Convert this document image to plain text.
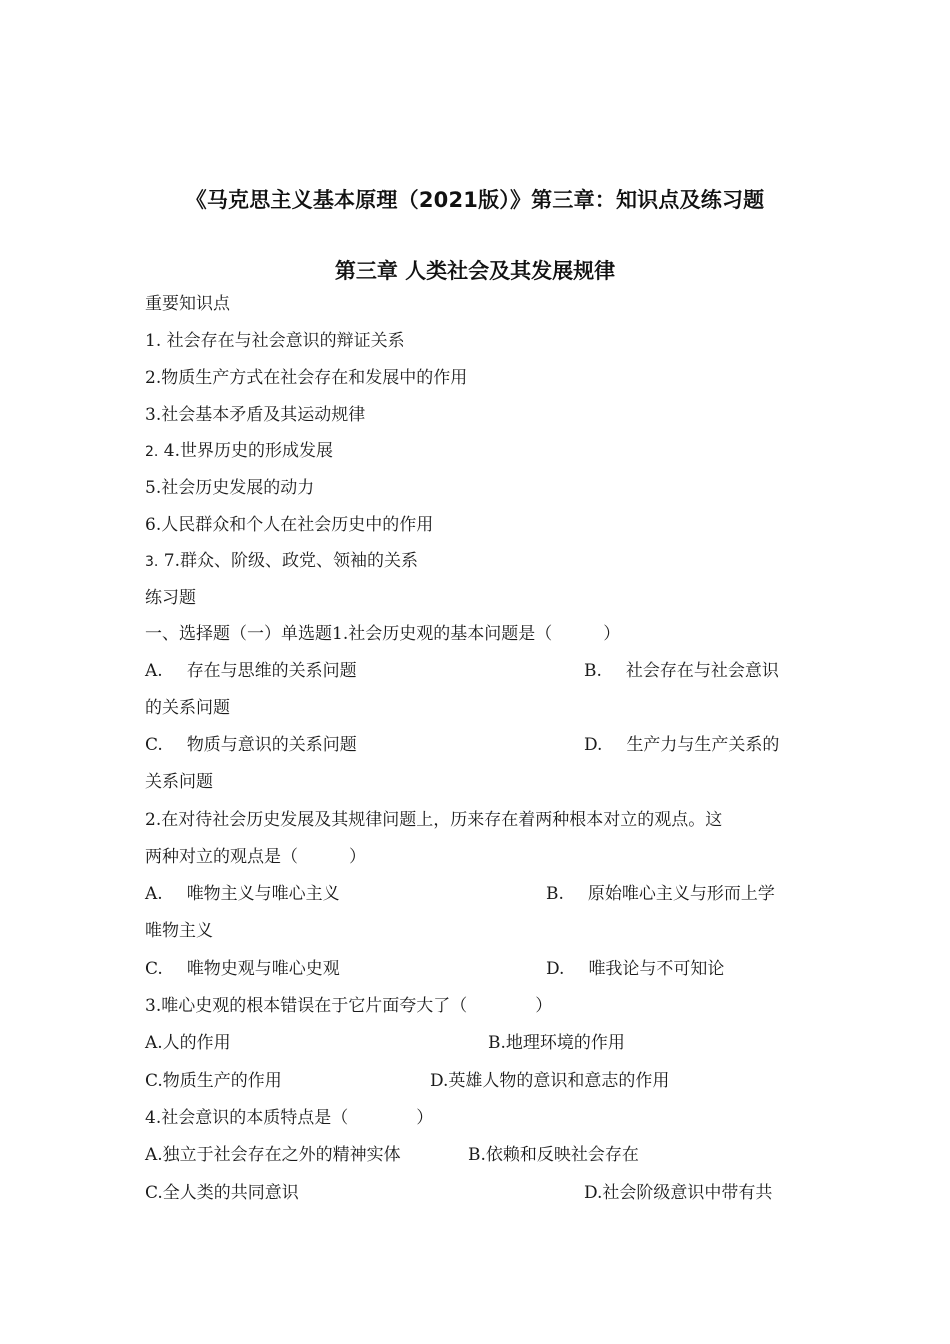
《马克思主义基本原理（2021版）》第三章：知识点及练习题
第三章 人类社会及其发展规律
重要知识点
1. 社会存在与社会意识的辩证关系
2.物质生产方式在社会存在和发展中的作用
3.社会基本矛盾及其运动规律
2. 4.世界历史的形成发展
5.社会历史发展的动力
6.人民群众和个人在社会历史中的作用
3. 7.群众、阶级、政党、领袖的关系
练习题
一、选择题（一）单选题1.社会历史观的基本问题是（　　　）
A. 存在与思维的关系问题	B. 社会存在与社会意识
的关系问题
C. 物质与意识的关系问题	D. 生产力与生产关系的
关系问题
2.在对待社会历史发展及其规律问题上，历来存在着两种根本对立的观点。这
两种对立的观点是（　　　）
A. 唯物主义与唯心主义	B. 原始唯心主义与形而上学
唯物主义
C. 唯物史观与唯心史观	D. 唯我论与不可知论
3.唯心史观的根本错误在于它片面夸大了（　　　　）
A.人的作用	B.地理环境的作用
C.物质生产的作用	D.英雄人物的意识和意志的作用
4.社会意识的本质特点是（　　　　）
A.独立于社会存在之外的精神实体	B.依赖和反映社会存在
C.全人类的共同意识	D.社会阶级意识中带有共
